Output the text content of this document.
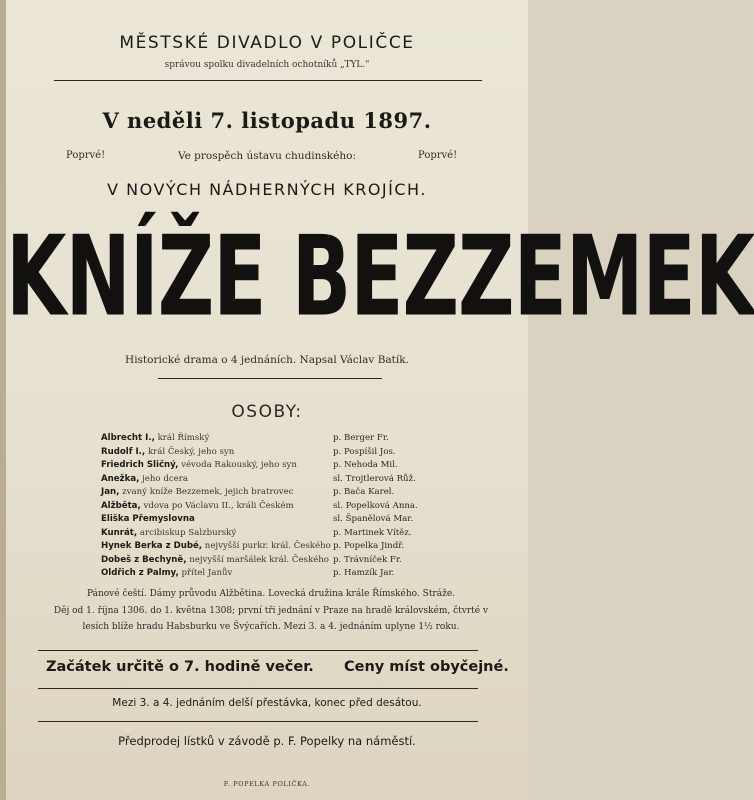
MĚSTSKÉ DIVADLO V POLIČCE
správou spolku divadelních ochotníků „TYL."
V neděli 7. listopadu 1897.
Poprvé!	Ve prospěch ústavu chudinského:	Poprvé!
V NOVÝCH NÁDHERNÝCH KROJÍCH.
KNÍŽE BEZZEMEK
Historické drama o 4 jednáních. Napsal Václav Batík.
OSOBY:
Albrecht I., král Římský	p. Berger Fr.
Rudolf I., král Český, jeho syn	p. Pospíšil Jos.
Friedrich Sličný, vévoda Rakouský, jeho syn	p. Nehoda Mil.
Anežka, jeho dcera	sl. Trojtlerová Růž.
Jan, zvaný kníže Bezzemek, jejich bratrovec	p. Bača Karel.
Alžběta, vdova po Václavu II., králi Českém	sl. Popelková Anna.
Eliška Přemyslovna	sl. Španělová Mar.
Kunrát, arcibiskup Salzburský	p. Martinek Vítěz.
Hynek Berka z Dubé, nejvyšší purkr. král. Českého p. Popelka Jindř.
Dobeš z Bechyně, nejvyšší maršálek král. Českého p. Trávníček Fr.
Oldřich z Palmy, přítel Janův	p. Hamzík Jar.
Pánové čeští. Dámy průvodu Alžbětina. Lovecká družina krále Římského. Stráže.
Děj od 1. října 1306. do 1. května 1308; první tři jednání v Praze na hradě královském, čtvrté v lesích blíže hradu Habsburku ve Švýcařích. Mezi 3. a 4. jednáním uplyne 1½ roku.
Začátek určitě o 7. hodině večer. Ceny míst obyčejné.
Mezi 3. a 4. jednáním delší přestávka, konec před desátou.
Předprodej lístků v závodě p. F. Popelky na náměstí.
F. POPELKA POLIČKA.
